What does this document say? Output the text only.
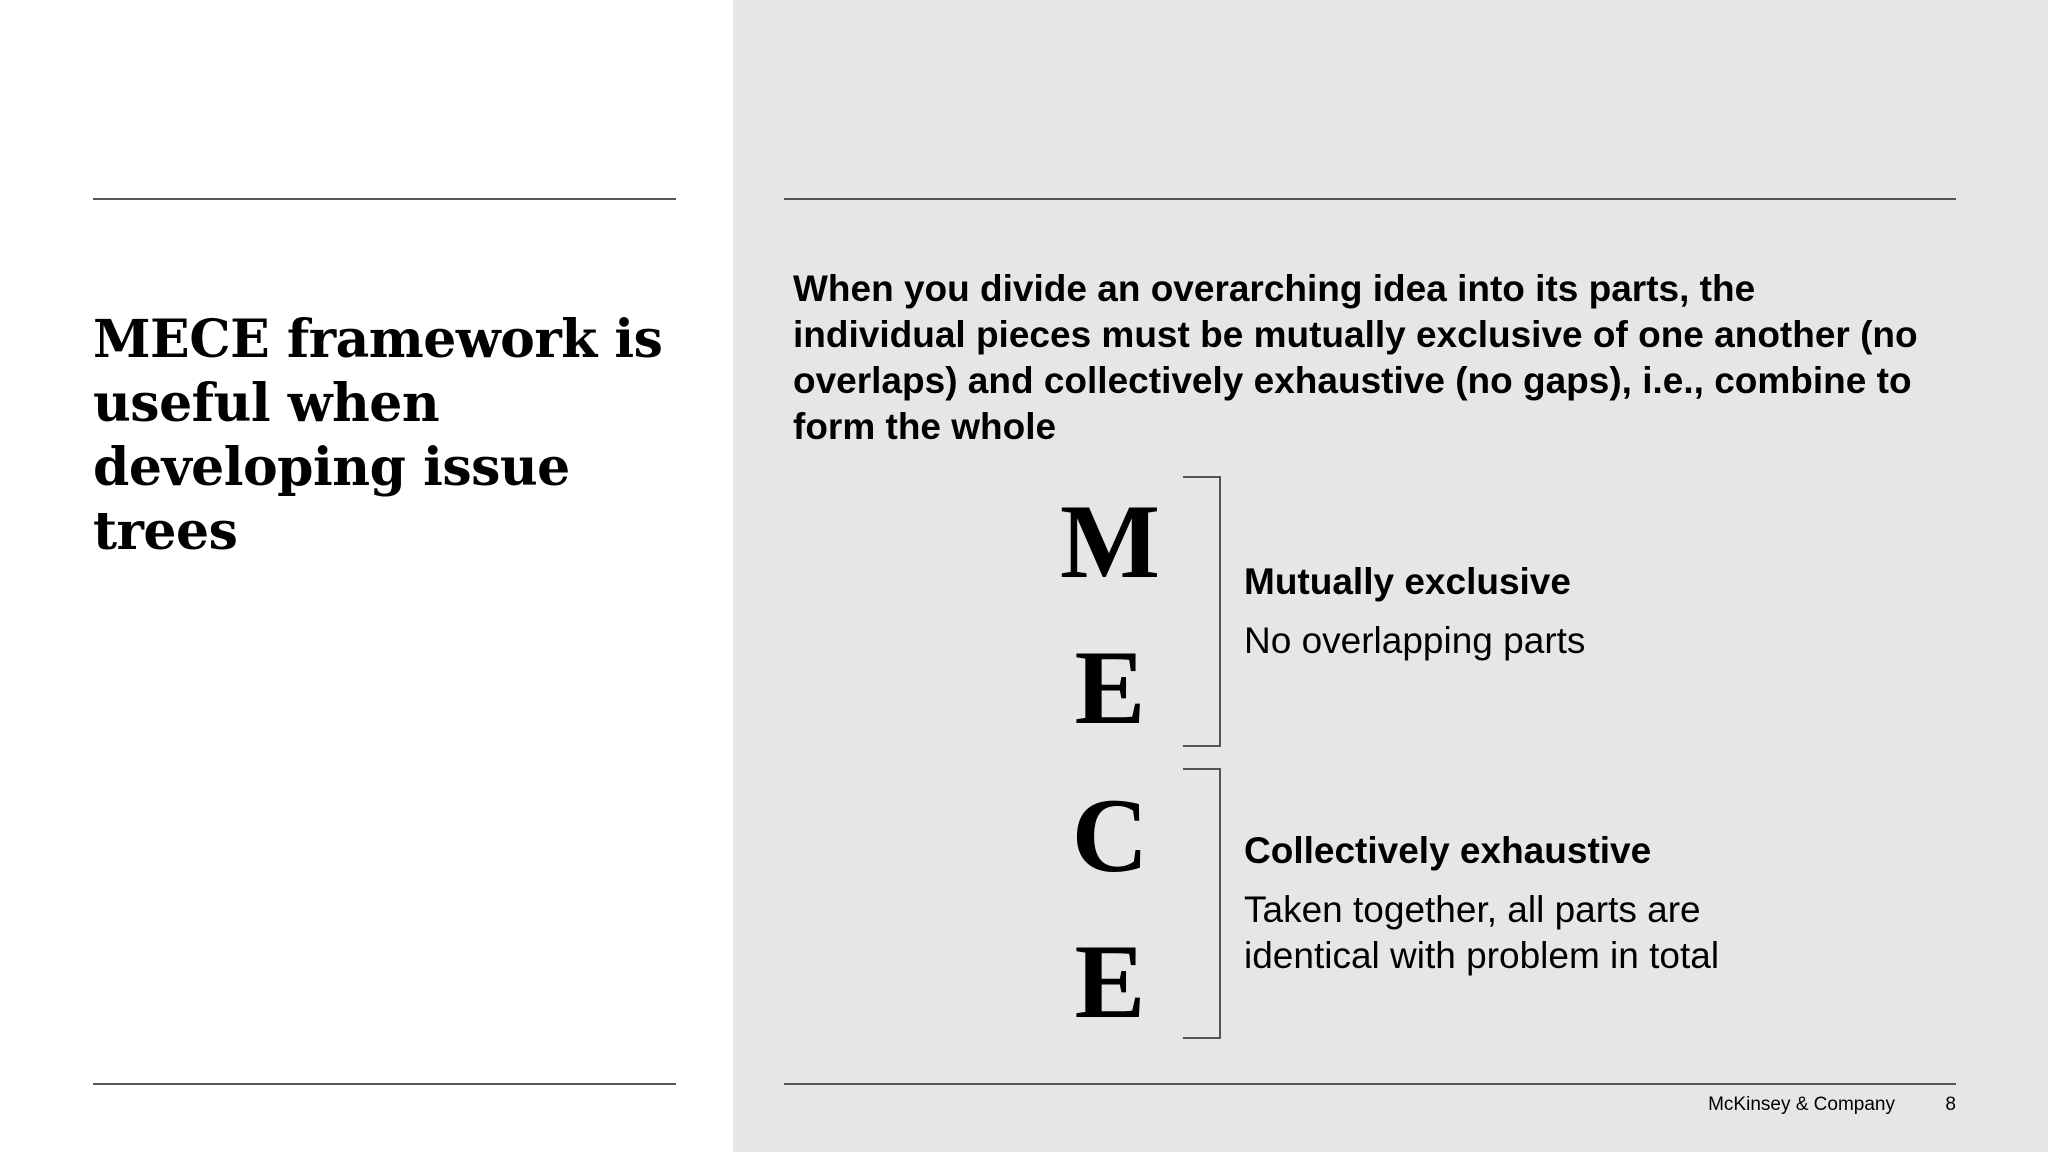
MECE framework is useful when developing issue trees

When you divide an overarching idea into its parts, the individual pieces must be mutually exclusive of one another (no overlaps) and collectively exhaustive (no gaps), i.e., combine to form the whole

M
E
C
E

Mutually exclusive

No overlapping parts

Collectively exhaustive

Taken together, all parts are identical with problem in total

McKinsey & Company	8
